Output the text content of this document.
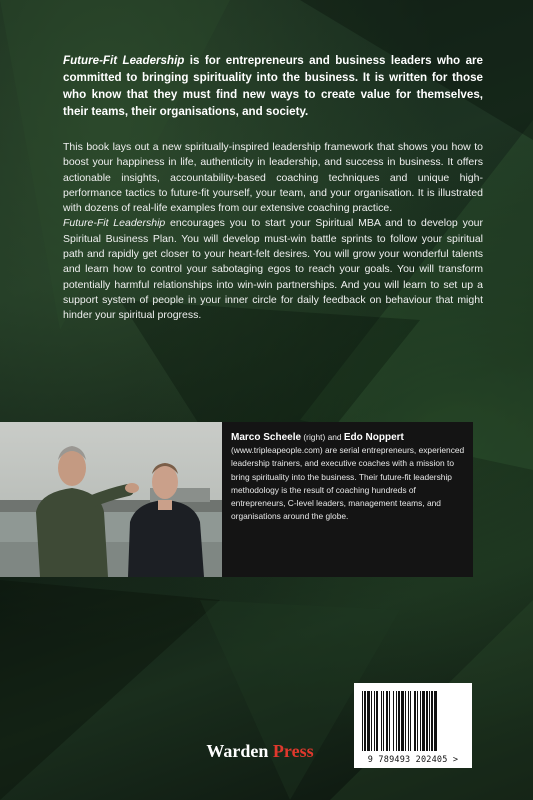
Future-Fit Leadership is for entrepreneurs and business leaders who are committed to bringing spirituality into the business. It is written for those who know that they must find new ways to create value for themselves, their teams, their organisations, and society.

This book lays out a new spiritually-inspired leadership framework that shows you how to boost your happiness in life, authenticity in leadership, and success in business. It offers actionable insights, accountability-based coaching techniques and unique high-performance tactics to future-fit yourself, your team, and your organisation. It is illustrated with dozens of real-life examples from our extensive coaching practice.

Future-Fit Leadership encourages you to start your Spiritual MBA and to develop your Spiritual Business Plan. You will develop must-win battle sprints to follow your spiritual path and rapidly get closer to your heart-felt desires. You will grow your wonderful talents and learn how to control your sabotaging egos to reach your goals. You will transform potentially harmful relationships into win-win partnerships. And you will learn to set up a support system of people in your inner circle for daily feedback on behaviour that might hinder your spiritual progress.

Marco Scheele (right) and Edo Noppert
(www.tripleapeople.com) are serial entrepreneurs, experienced leadership trainers, and executive coaches with a mission to bring spirituality into the business. Their future-fit leadership methodology is the result of coaching hundreds of entrepreneurs, C-level leaders, management teams, and organisations around the globe.
Warden Press	9 789493 202405 >
